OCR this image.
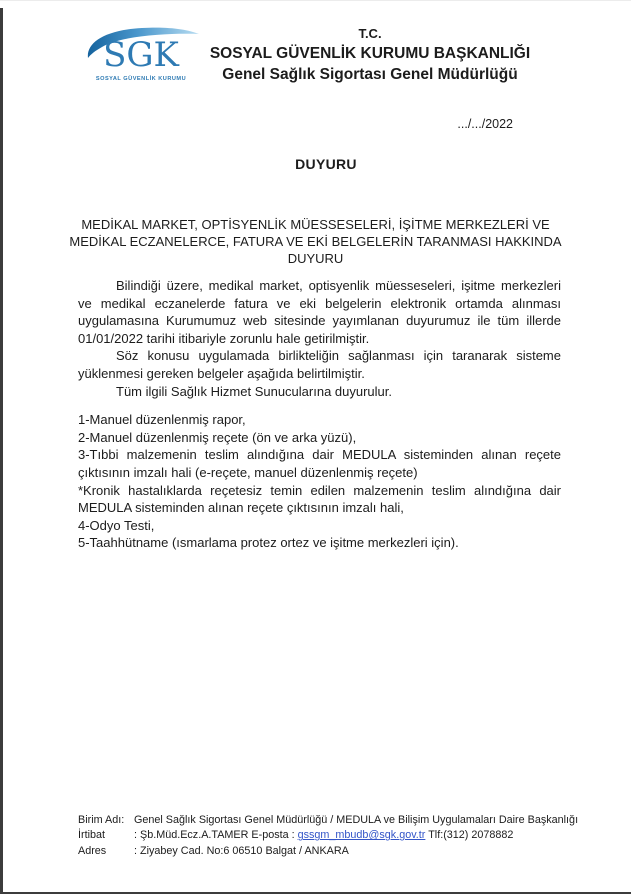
SGK
SOSYAL GÜVENLİK KURUMU
T.C.
SOSYAL GÜVENLİK KURUMU BAŞKANLIĞI
Genel Sağlık Sigortası Genel Müdürlüğü
.../.../2022
DUYURU
MEDİKAL MARKET, OPTİSYENLİK MÜESSESELERİ, İŞİTME MERKEZLERİ VE MEDİKAL ECZANELERCE, FATURA VE EKİ BELGELERİN TARANMASI HAKKINDA DUYURU

Bilindiği üzere, medikal market, optisyenlik müesseseleri, işitme merkezleri ve medikal eczanelerde fatura ve eki belgelerin elektronik ortamda alınması uygulamasına Kurumumuz web sitesinde yayımlanan duyurumuz ile tüm illerde 01/01/2022 tarihi itibariyle zorunlu hale getirilmiştir.

Söz konusu uygulamada birlikteliğin sağlanması için taranarak sisteme yüklenmesi gereken belgeler aşağıda belirtilmiştir.

Tüm ilgili Sağlık Hizmet Sunucularına duyurulur.

1-Manuel düzenlenmiş rapor,
2-Manuel düzenlenmiş reçete (ön ve arka yüzü),
3-Tıbbi malzemenin teslim alındığına dair MEDULA sisteminden alınan reçete çıktısının imzalı hali (e-reçete, manuel düzenlenmiş reçete)
*Kronik hastalıklarda reçetesiz temin edilen malzemenin teslim alındığına dair MEDULA sisteminden alınan reçete çıktısının imzalı hali,
4-Odyo Testi,
5-Taahhütname (ısmarlama protez ortez ve işitme merkezleri için).
Birim Adı: Genel Sağlık Sigortası Genel Müdürlüğü / MEDULA ve Bilişim Uygulamaları Daire Başkanlığı
İrtibat	: Şb.Müd.Ecz.A.TAMER E-posta : gssgm_mbudb@sgk.gov.tr Tlf:(312) 2078882
Adres	: Ziyabey Cad. No:6 06510 Balgat / ANKARA
